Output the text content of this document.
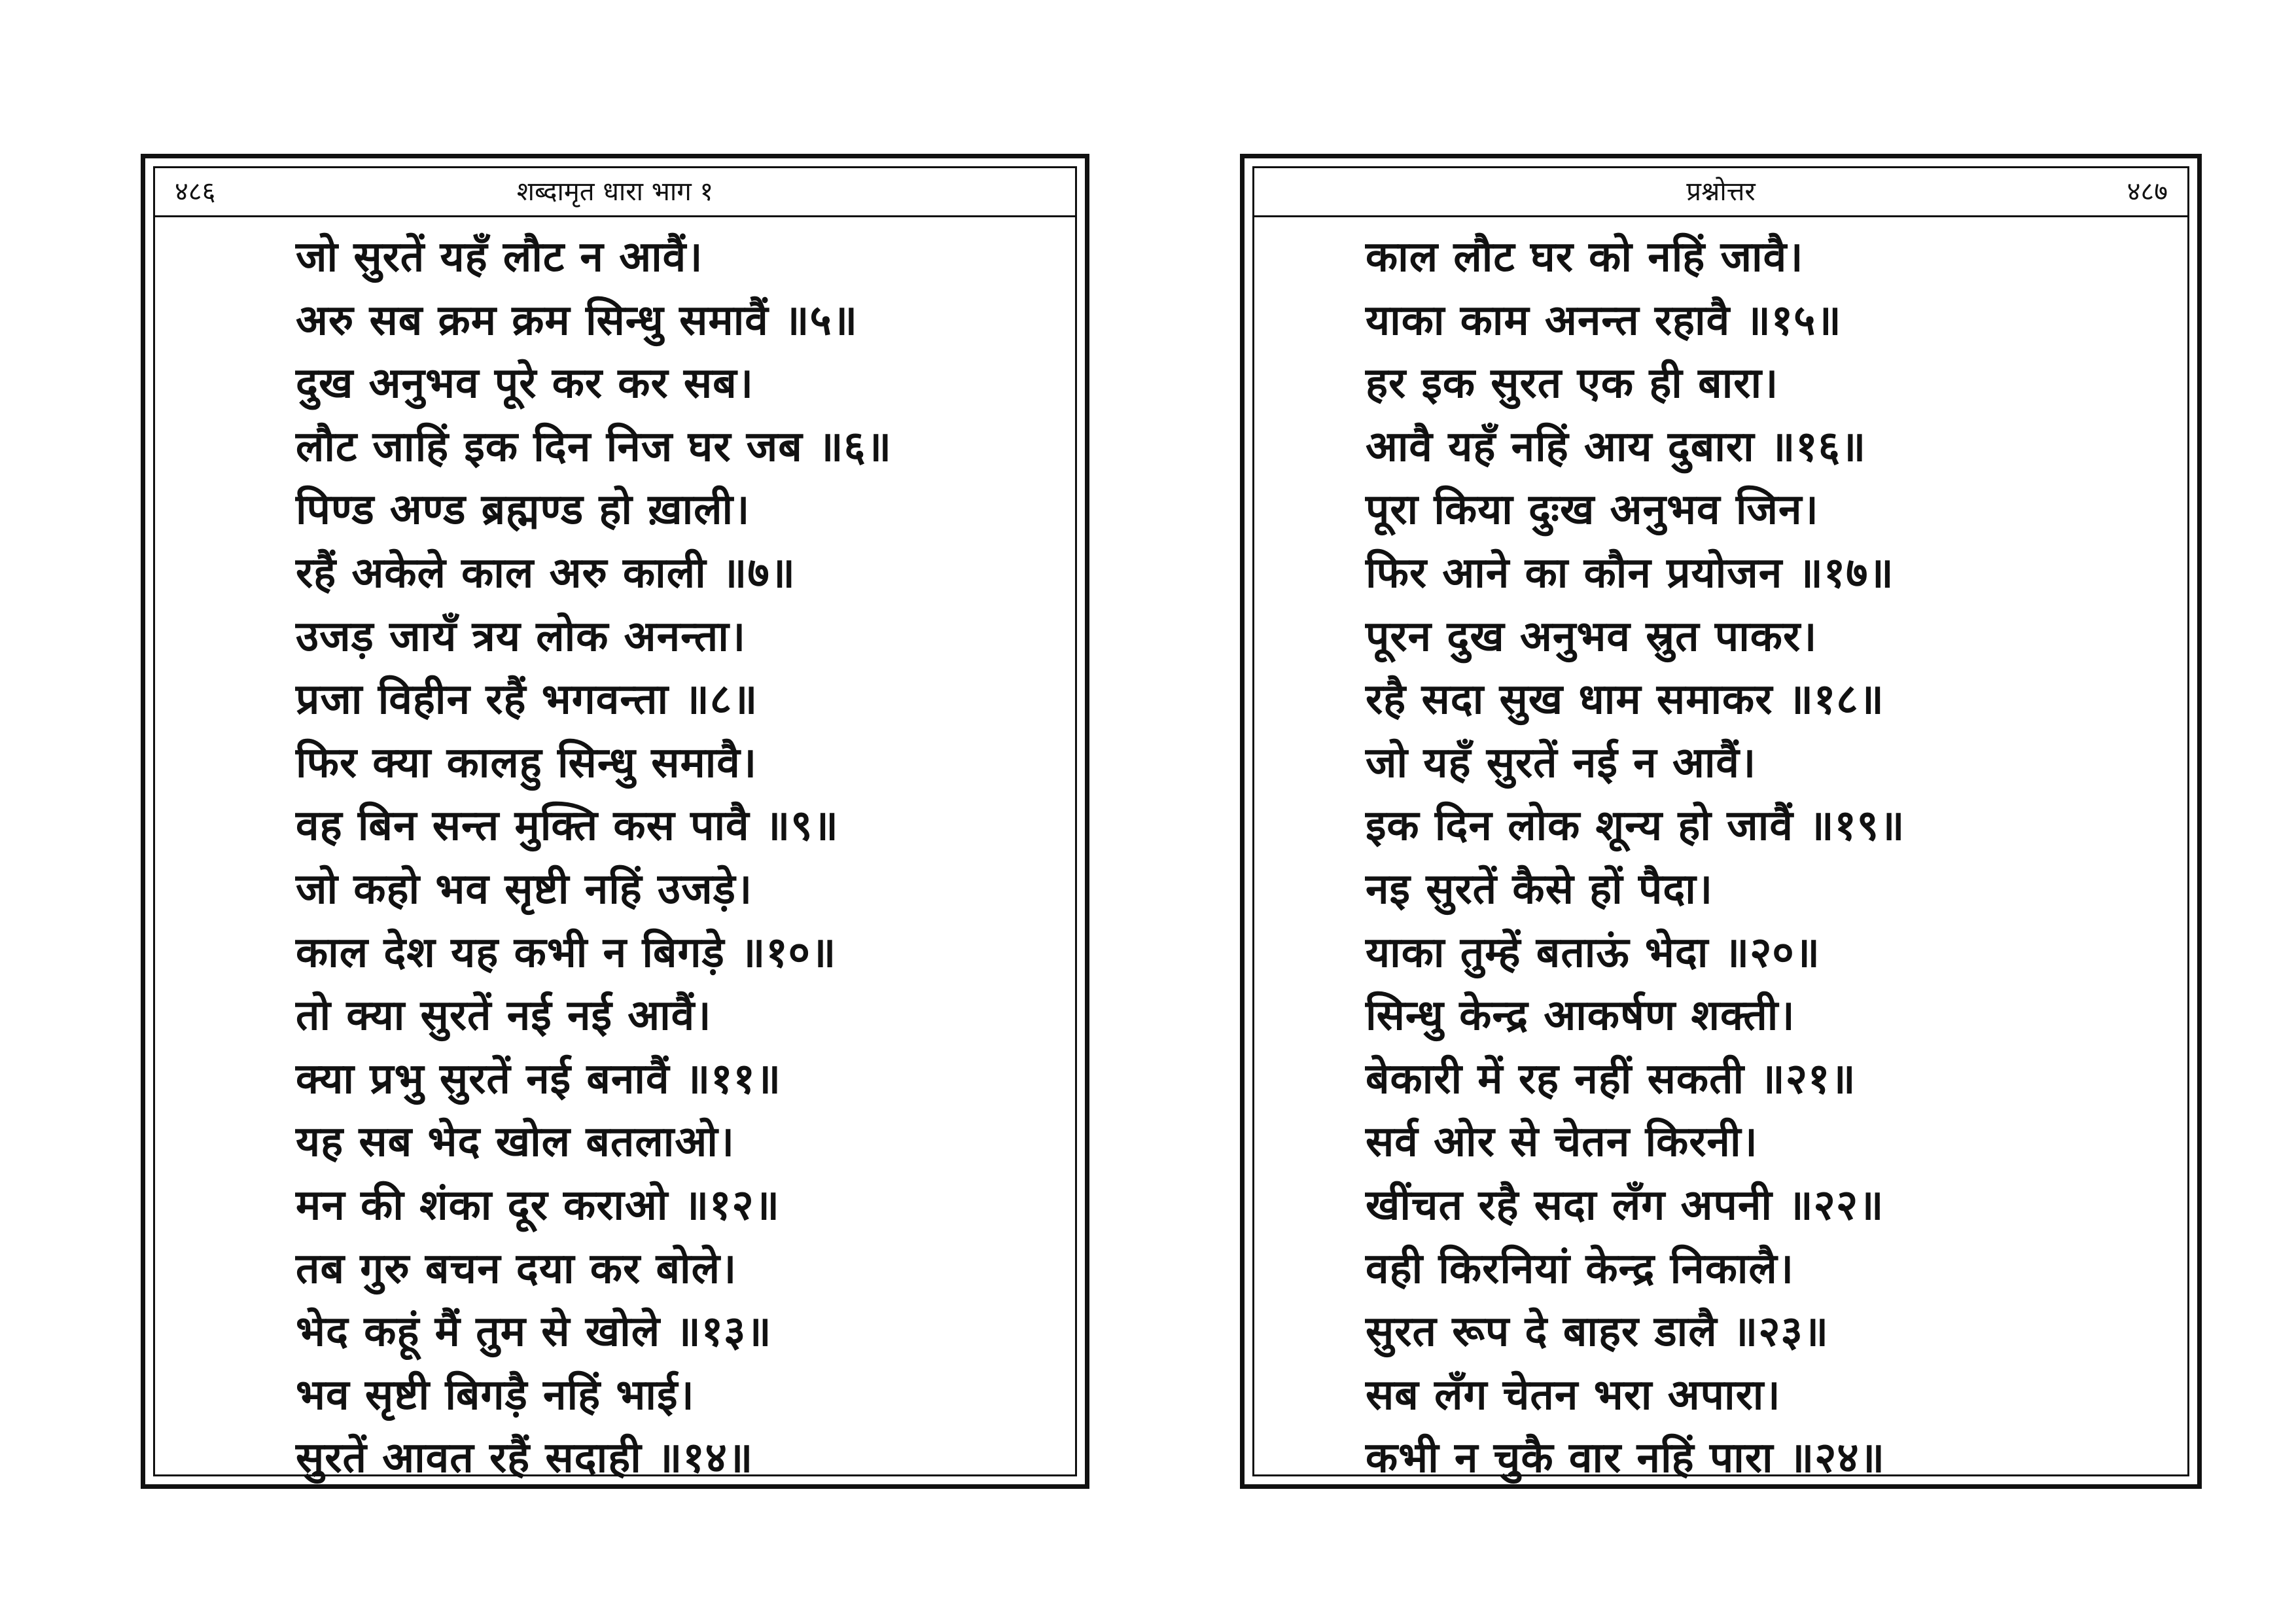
४८६	शब्दामृत धारा भाग १
जो सुरतें यहँ लौट न आवैं।
अरु सब क्रम क्रम सिन्धु समावैं ॥५॥
दुख अनुभव पूरे कर कर सब।
लौट जाहिं इक दिन निज घर जब ॥६॥
पिण्ड अण्ड ब्रह्मण्ड हो ख़ाली।
रहैं अकेले काल अरु काली ॥७॥
उजड़ जायँ त्रय लोक अनन्ता।
प्रजा विहीन रहैं भगवन्ता ॥८॥
फिर क्या कालहु सिन्धु समावै।
वह बिन सन्त मुक्ति कस पावै ॥९॥
जो कहो भव सृष्टी नहिं उजड़े।
काल देश यह कभी न बिगड़े ॥१०॥
तो क्या सुरतें नई नई आवैं।
क्या प्रभु सुरतें नई बनावैं ॥११॥
यह सब भेद खोल बतलाओ।
मन की शंका दूर कराओ ॥१२॥
तब गुरु बचन दया कर बोले।
भेद कहूं मैं तुम से खोले ॥१३॥
भव सृष्टी बिगड़ै नहिं भाई।
सुरतें आवत रहैं सदाही ॥१४॥
प्रश्नोत्तर	४८७
काल लौट घर को नहिं जावै।
याका काम अनन्त रहावै ॥१५॥
हर इक सुरत एक ही बारा।
आवै यहँ नहिं आय दुबारा ॥१६॥
पूरा किया दुःख अनुभव जिन।
फिर आने का कौन प्रयोजन ॥१७॥
पूरन दुख अनुभव स्रुत पाकर।
रहै सदा सुख धाम समाकर ॥१८॥
जो यहँ सुरतें नई न आवैं।
इक दिन लोक शून्य हो जावैं ॥१९॥
नइ सुरतें कैसे हों पैदा।
याका तुम्हें बताऊं भेदा ॥२०॥
सिन्धु केन्द्र आकर्षण शक्ती।
बेकारी में रह नहीं सकती ॥२१॥
सर्व ओर से चेतन किरनी।
खींचत रहै सदा लँग अपनी ॥२२॥
वही किरनियां केन्द्र निकालै।
सुरत रूप दे बाहर डालै ॥२३॥
सब लँग चेतन भरा अपारा।
कभी न चुकै वार नहिं पारा ॥२४॥
